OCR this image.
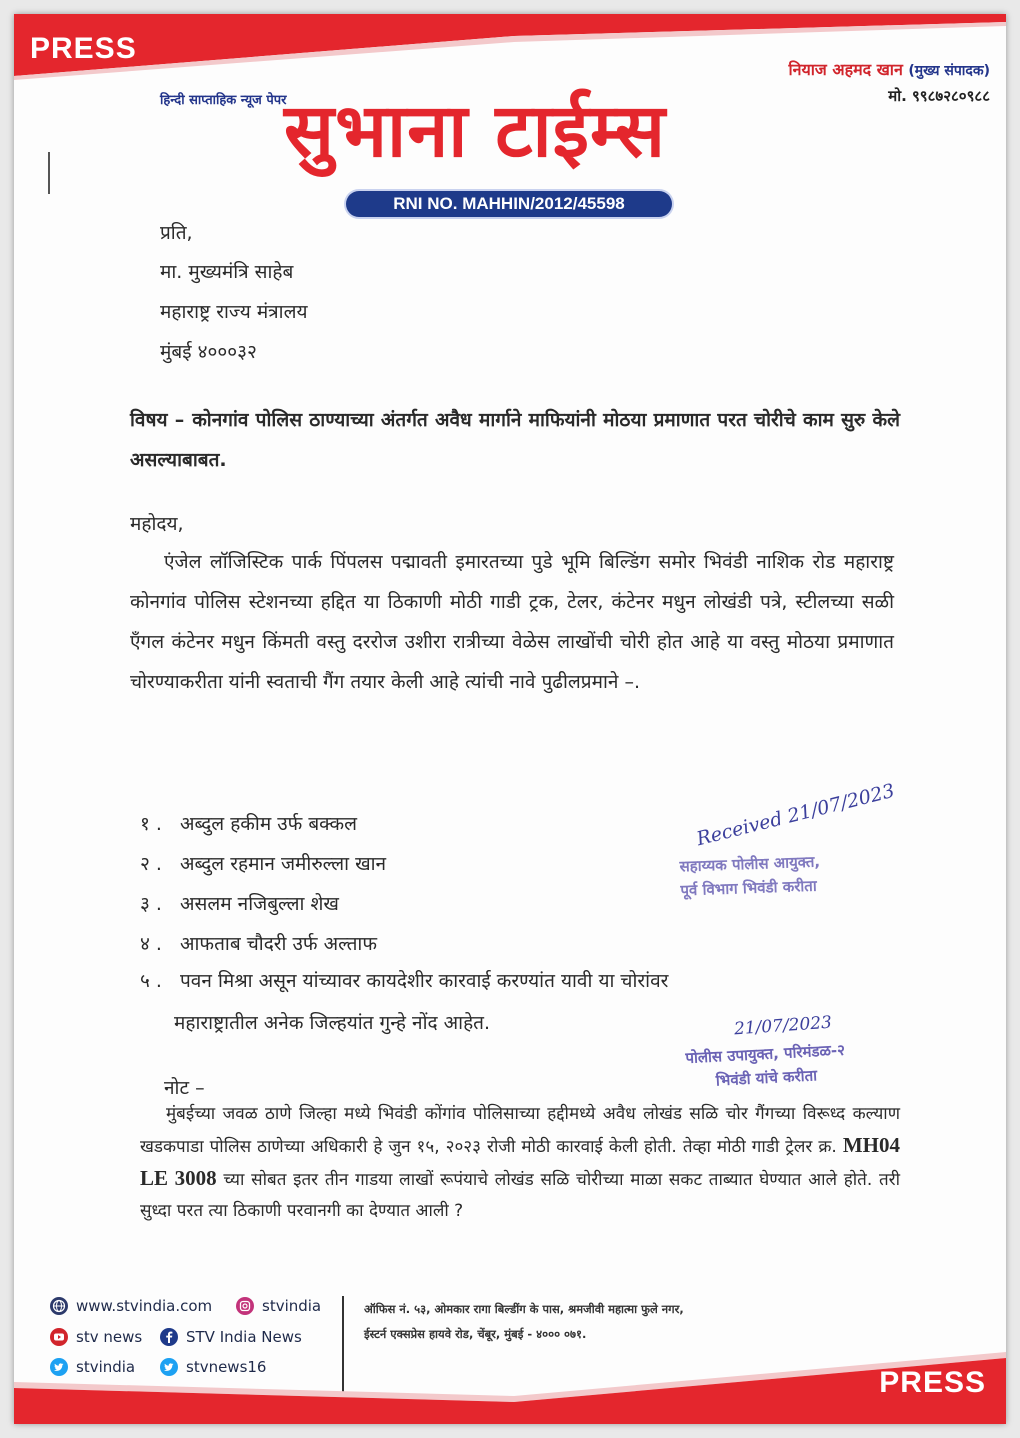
PRESS
नियाज अहमद खान (मुख्य संपादक)
मो. ९९८७२८०९८८
हिन्दी साप्ताहिक न्यूज पेपर
सुभाना टाईम्स
RNI NO. MAHHIN/2012/45598
प्रति,
मा. मुख्यमंत्रि साहेब
महाराष्ट्र राज्य मंत्रालय
मुंबई ४०००३२
विषय – कोनगांव पोलिस ठाण्याच्या अंतर्गत अवैध मार्गाने माफियांनी मोठया प्रमाणात परत चोरीचे काम सुरु केले असल्याबाबत.
महोदय,
एंजेल लॉजिस्टिक पार्क पिंपलस पद्मावती इमारतच्या पुडे भूमि बिल्डिंग समोर भिवंडी नाशिक रोड महाराष्ट्र कोनगांव पोलिस स्टेशनच्या हद्दित या ठिकाणी मोठी गाडी ट्रक, टेलर, कंटेनर मधुन लोखंडी पत्रे, स्टीलच्या सळी ऍंगल कंटेनर मधुन किंमती वस्तु दररोज उशीरा रात्रीच्या वेळेस लाखोंची चोरी होत आहे या वस्तु मोठया प्रमाणात चोरण्याकरीता यांनी स्वताची गैंग तयार केली आहे त्यांची नावे पुढीलप्रमाने –.
१ . अब्दुल हकीम उर्फ बक्कल
२ . अब्दुल रहमान जमीरुल्ला खान
३ . असलम नजिबुल्ला शेख
४ . आफताब चौदरी उर्फ अल्ताफ
५ . पवन मिश्रा असून यांच्यावर कायदेशीर कारवाई करण्यांत यावी या चोरांवर
महाराष्ट्रातील अनेक जिल्हयांत गुन्हे नोंद आहेत.
Received 21/07/2023
सहाय्यक पोलीस आयुक्त,
पूर्व विभाग भिवंडी करीता
21/07/2023
पोलीस उपायुक्त, परिमंडळ-२
भिवंडी यांचे करीता
नोट –
मुंबईच्या जवळ ठाणे जिल्हा मध्ये भिवंडी कोंगांव पोलिसाच्या हद्दीमध्ये अवैध लोखंड सळि चोर गैंगच्या विरूध्द कल्याण खडकपाडा पोलिस ठाणेच्या अधिकारी हे जुन १५, २०२३ रोजी मोठी कारवाई केली होती. तेव्हा मोठी गाडी ट्रेलर क्र. MH04 LE 3008 च्या सोबत इतर तीन गाडया लाखों रूपंयाचे लोखंड सळि चोरीच्या माळा सकट ताब्यात घेण्यात आले होते. तरी सुध्दा परत त्या ठिकाणी परवानगी का देण्यात आली ?
www.stvindia.com	stvindia
stv news	STV India News
stvindia	stvnews16
ऑफिस नं. ५३, ओमकार रागा बिल्डींग के पास, श्रमजीवी महात्मा फुले नगर,
ईस्टर्न एक्सप्रेस हायवे रोड, चेंबूर, मुंबई - ४००० ०७१.
PRESS
